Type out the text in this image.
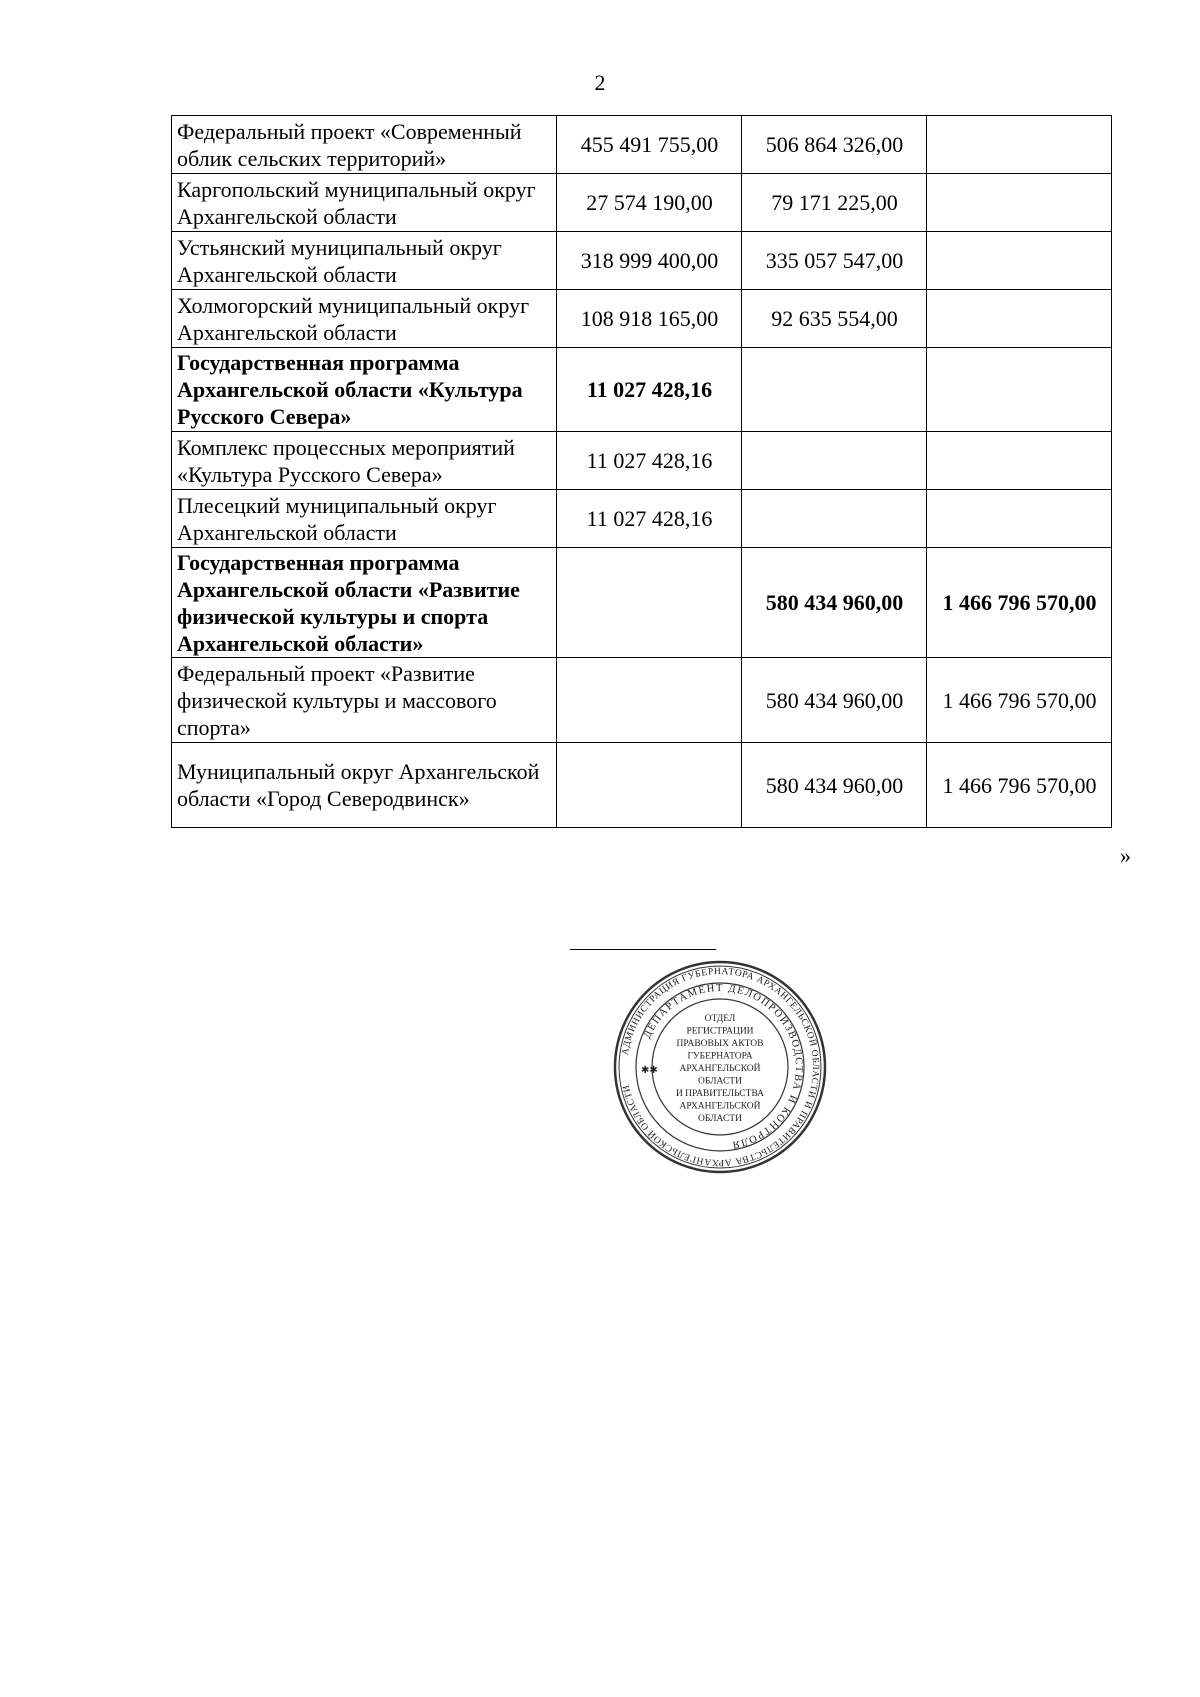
2
Федеральный проект «Современный облик сельских территорий»	455 491 755,00	506 864 326,00	
Каргопольский муниципальный округ Архангельской области	27 574 190,00	79 171 225,00	
Устьянский муниципальный округ Архангельской области	318 999 400,00	335 057 547,00	
Холмогорский муниципальный округ Архангельской области	108 918 165,00	92 635 554,00	
Государственная программа Архангельской области «Культура Русского Севера»	11 027 428,16		
Комплекс процессных мероприятий «Культура Русского Севера»	11 027 428,16		
Плесецкий муниципальный округ Архангельской области	11 027 428,16		
Государственная программа Архангельской области «Развитие физической культуры и спорта Архангельской области»		580 434 960,00	1 466 796 570,00
Федеральный проект «Развитие физической культуры и массового спорта»		580 434 960,00	1 466 796 570,00
Муниципальный округ Архангельской области «Город Северодвинск»		580 434 960,00	1 466 796 570,00
»
АДМИНИСТРАЦИЯ ГУБЕРНАТОРА АРХАНГЕЛЬСКОЙ ОБЛАСТИ И ПРАВИТЕЛЬСТВА АРХАНГЕЛЬСКОЙ ОБЛАСТИ
ДЕПАРТАМЕНТ ДЕЛОПРОИЗВОДСТВА И КОНТРОЛЯ
✱✱
ОТДЕЛ
РЕГИСТРАЦИИ
ПРАВОВЫХ АКТОВ
ГУБЕРНАТОРА
АРХАНГЕЛЬСКОЙ
ОБЛАСТИ
И ПРАВИТЕЛЬСТВА
АРХАНГЕЛЬСКОЙ
ОБЛАСТИ
